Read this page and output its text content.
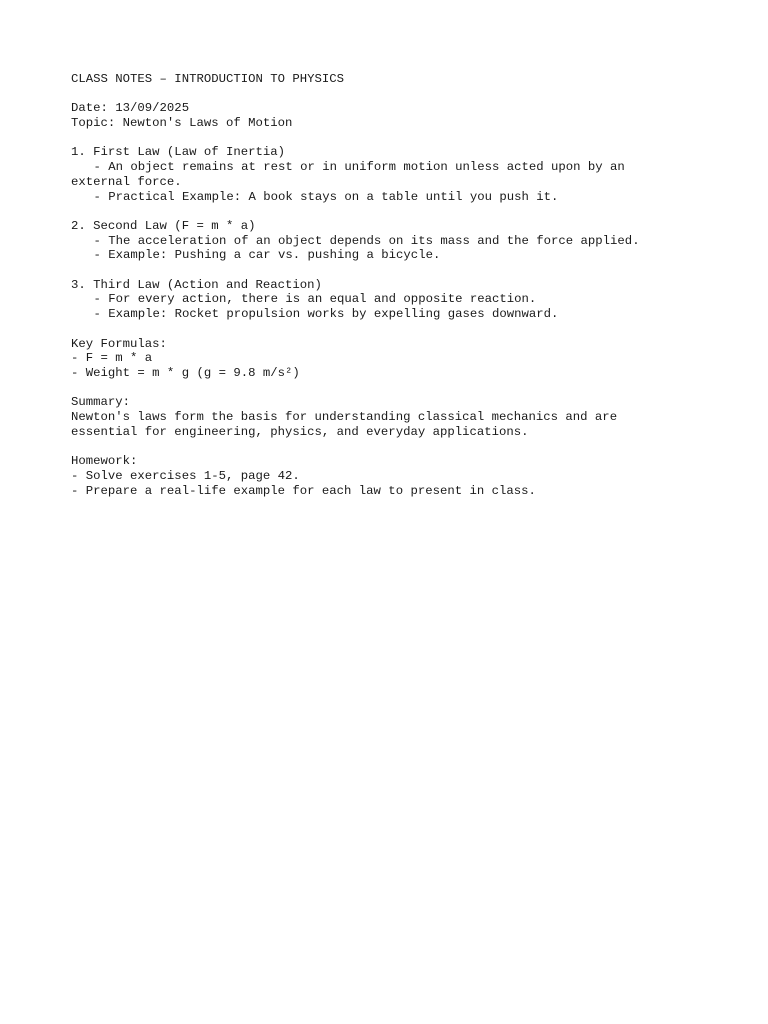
CLASS NOTES – INTRODUCTION TO PHYSICS
Date: 13/09/2025
Topic: Newton's Laws of Motion
1. First Law (Law of Inertia)
- An object remains at rest or in uniform motion unless acted upon by an
external force.
- Practical Example: A book stays on a table until you push it.
2. Second Law (F = m * a)
- The acceleration of an object depends on its mass and the force applied.
- Example: Pushing a car vs. pushing a bicycle.
3. Third Law (Action and Reaction)
- For every action, there is an equal and opposite reaction.
- Example: Rocket propulsion works by expelling gases downward.
Key Formulas:
- F = m * a
- Weight = m * g (g = 9.8 m/s²)
Summary:
Newton's laws form the basis for understanding classical mechanics and are
essential for engineering, physics, and everyday applications.
Homework:
- Solve exercises 1-5, page 42.
- Prepare a real-life example for each law to present in class.
